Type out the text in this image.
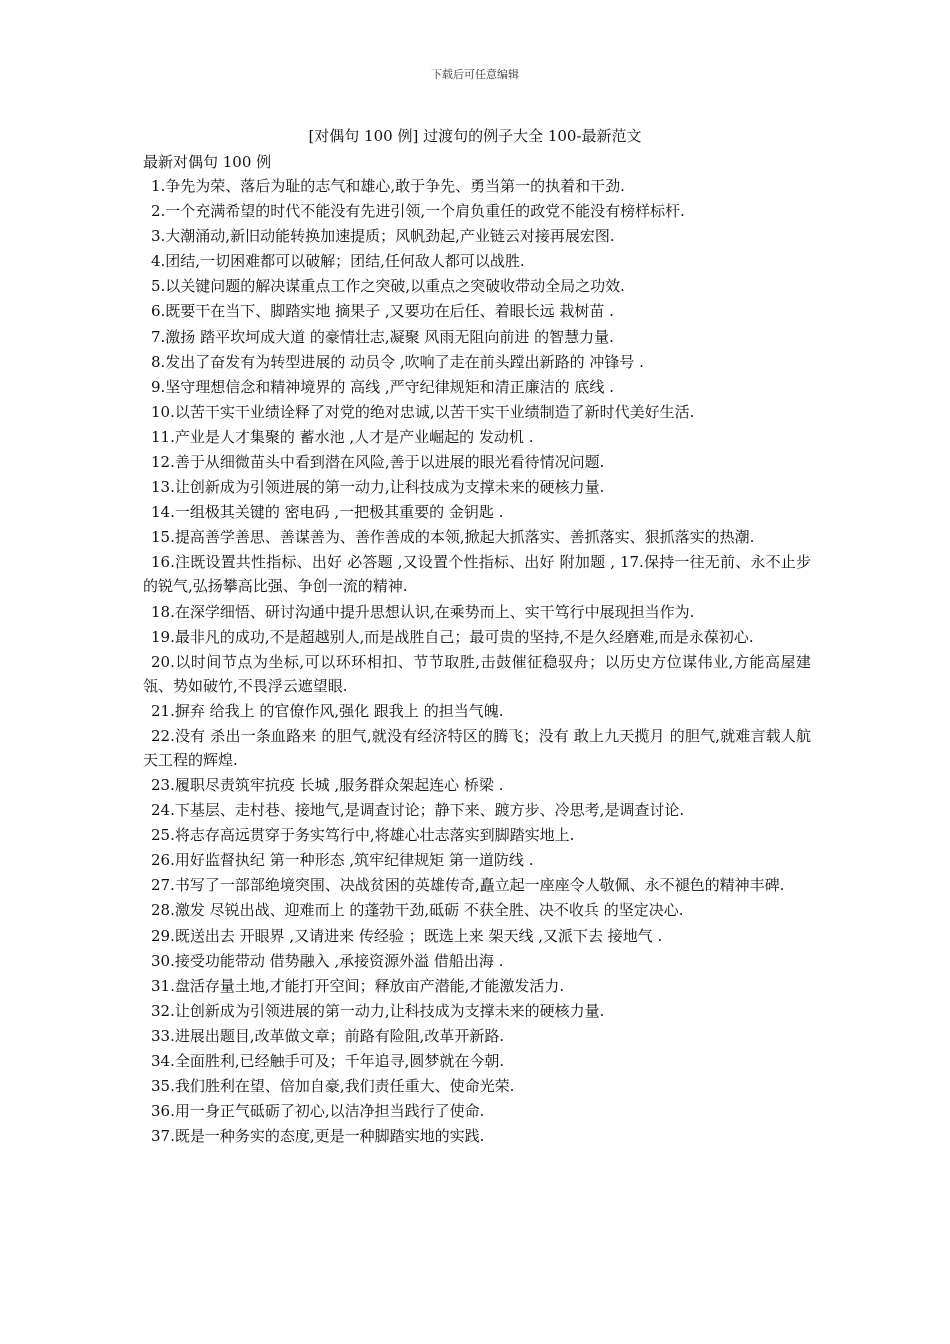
下载后可任意编辑
[对偶句 100 例] 过渡句的例子大全 100-最新范文
最新对偶句 100 例
1.争先为荣、落后为耻的志气和雄心,敢于争先、勇当第一的执着和干劲.
2.一个充满希望的时代不能没有先进引领,一个肩负重任的政党不能没有榜样标杆.
3.大潮涌动,新旧动能转换加速提质；风帆劲起,产业链云对接再展宏图.
4.团结,一切困难都可以破解；团结,任何敌人都可以战胜.
5.以关键问题的解决谋重点工作之突破,以重点之突破收带动全局之功效.
6.既要干在当下、脚踏实地 摘果子 ,又要功在后任、着眼长远 栽树苗 .
7.激扬 踏平坎坷成大道 的豪情壮志,凝聚 风雨无阻向前进 的智慧力量.
8.发出了奋发有为转型进展的 动员令 ,吹响了走在前头蹚出新路的 冲锋号 .
9.坚守理想信念和精神境界的 高线 ,严守纪律规矩和清正廉洁的 底线 .
10.以苦干实干业绩诠释了对党的绝对忠诚,以苦干实干业绩制造了新时代美好生活.
11.产业是人才集聚的 蓄水池 ,人才是产业崛起的 发动机 .
12.善于从细微苗头中看到潜在风险,善于以进展的眼光看待情况问题.
13.让创新成为引领进展的第一动力,让科技成为支撑未来的硬核力量.
14.一组极其关键的 密电码 ,一把极其重要的 金钥匙 .
15.提高善学善思、善谋善为、善作善成的本领,掀起大抓落实、善抓落实、狠抓落实的热潮.
16.注既设置共性指标、出好 必答题 ,又设置个性指标、出好 附加题 , 17.保持一往无前、永不止步的锐气,弘扬攀高比强、争创一流的精神.
18.在深学细悟、研讨沟通中提升思想认识,在乘势而上、实干笃行中展现担当作为.
19.最非凡的成功,不是超越别人,而是战胜自己；最可贵的坚持,不是久经磨难,而是永葆初心.
20.以时间节点为坐标,可以环环相扣、节节取胜,击鼓催征稳驭舟；以历史方位谋伟业,方能高屋建瓴、势如破竹,不畏浮云遮望眼.
21.摒弃 给我上 的官僚作风,强化 跟我上 的担当气魄.
22.没有 杀出一条血路来 的胆气,就没有经济特区的腾飞；没有 敢上九天揽月 的胆气,就难言载人航天工程的辉煌.
23.履职尽责筑牢抗疫 长城 ,服务群众架起连心 桥梁 .
24.下基层、走村巷、接地气,是调查讨论；静下来、踱方步、冷思考,是调查讨论.
25.将志存高远贯穿于务实笃行中,将雄心壮志落实到脚踏实地上.
26.用好监督执纪 第一种形态 ,筑牢纪律规矩 第一道防线 .
27.书写了一部部绝境突围、决战贫困的英雄传奇,矗立起一座座令人敬佩、永不褪色的精神丰碑.
28.激发 尽锐出战、迎难而上 的蓬勃干劲,砥砺 不获全胜、决不收兵 的坚定决心.
29.既送出去 开眼界 ,又请进来 传经验 ；既选上来 架天线 ,又派下去 接地气 .
30.接受功能带动 借势融入 ,承接资源外溢 借船出海 .
31.盘活存量土地,才能打开空间；释放亩产潜能,才能激发活力.
32.让创新成为引领进展的第一动力,让科技成为支撑未来的硬核力量.
33.进展出题目,改革做文章；前路有险阻,改革开新路.
34.全面胜利,已经触手可及；千年追寻,圆梦就在今朝.
35.我们胜利在望、倍加自豪,我们责任重大、使命光荣.
36.用一身正气砥砺了初心,以洁净担当践行了使命.
37.既是一种务实的态度,更是一种脚踏实地的实践.
